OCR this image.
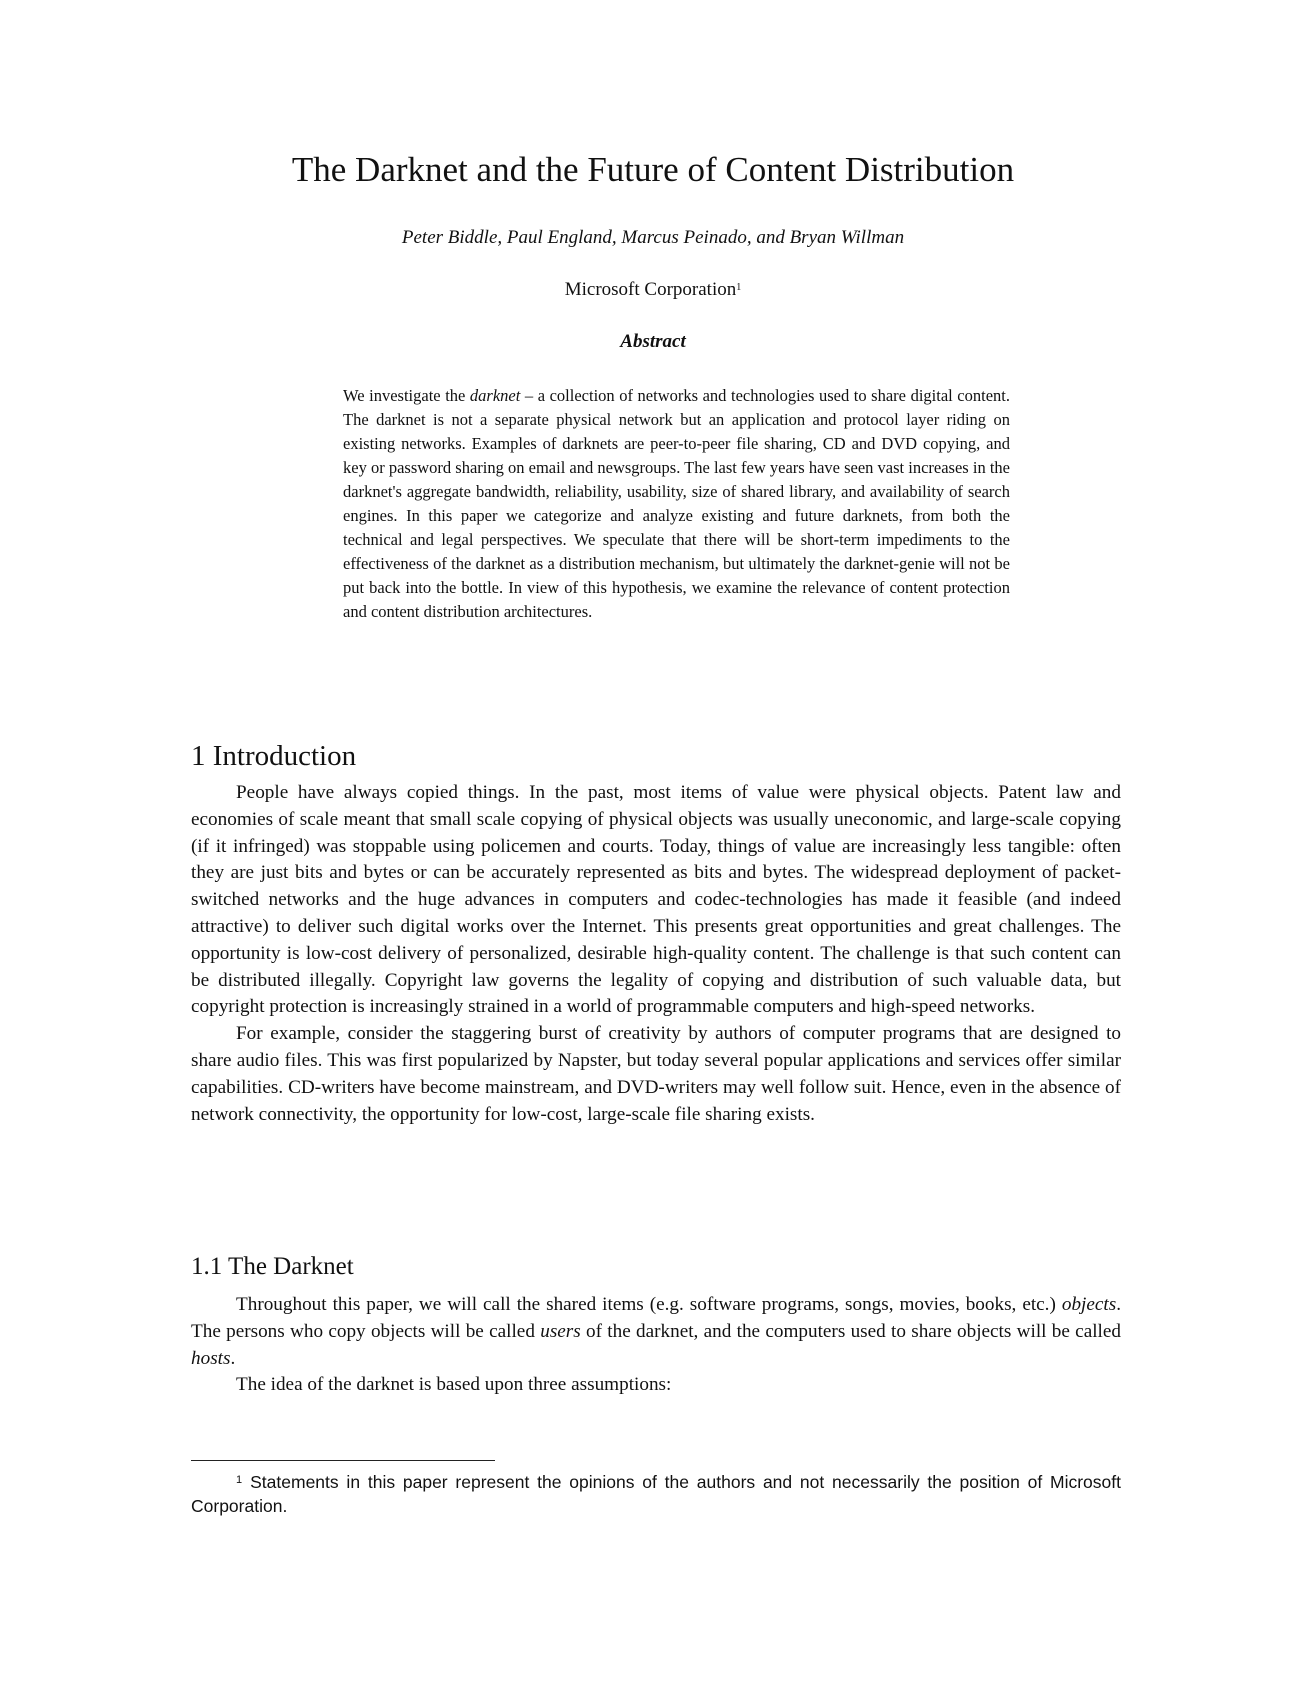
The Darknet and the Future of Content Distribution
Peter Biddle, Paul England, Marcus Peinado, and Bryan Willman
Microsoft Corporation$^1$
Abstract
We investigate the darknet – a collection of networks and technologies used to share digital content. The darknet is not a separate physical network but an application and protocol layer riding on existing networks. Examples of darknets are peer-to-peer file sharing, CD and DVD copying, and key or password sharing on email and newsgroups. The last few years have seen vast increases in the darknet's aggregate bandwidth, reliability, usability, size of shared library, and availability of search engines. In this paper we categorize and analyze existing and future darknets, from both the technical and legal perspectives. We speculate that there will be short-term impediments to the effectiveness of the darknet as a distribution mechanism, but ultimately the darknet-genie will not be put back into the bottle. In view of this hypothesis, we examine the relevance of content protection and content distribution architectures.
1 Introduction

People have always copied things. In the past, most items of value were physical objects. Patent law and economies of scale meant that small scale copying of physical objects was usually uneconomic, and large-scale copying (if it infringed) was stoppable using policemen and courts. Today, things of value are increasingly less tangible: often they are just bits and bytes or can be accurately represented as bits and bytes. The widespread deployment of packet-switched networks and the huge advances in computers and codec-technologies has made it feasible (and indeed attractive) to deliver such digital works over the Internet. This presents great opportunities and great challenges. The opportunity is low-cost delivery of personalized, desirable high-quality content. The challenge is that such content can be distributed illegally. Copyright law governs the legality of copying and distribution of such valuable data, but copyright protection is increasingly strained in a world of programmable computers and high-speed networks.

For example, consider the staggering burst of creativity by authors of computer programs that are designed to share audio files. This was first popularized by Napster, but today several popular applications and services offer similar capabilities. CD-writers have become mainstream, and DVD-writers may well follow suit. Hence, even in the absence of network connectivity, the opportunity for low-cost, large-scale file sharing exists.

1.1 The Darknet

Throughout this paper, we will call the shared items (e.g. software programs, songs, movies, books, etc.) objects. The persons who copy objects will be called users of the darknet, and the computers used to share objects will be called hosts.

The idea of the darknet is based upon three assumptions:

$^1$ Statements in this paper represent the opinions of the authors and not necessarily the position of Microsoft Corporation.
